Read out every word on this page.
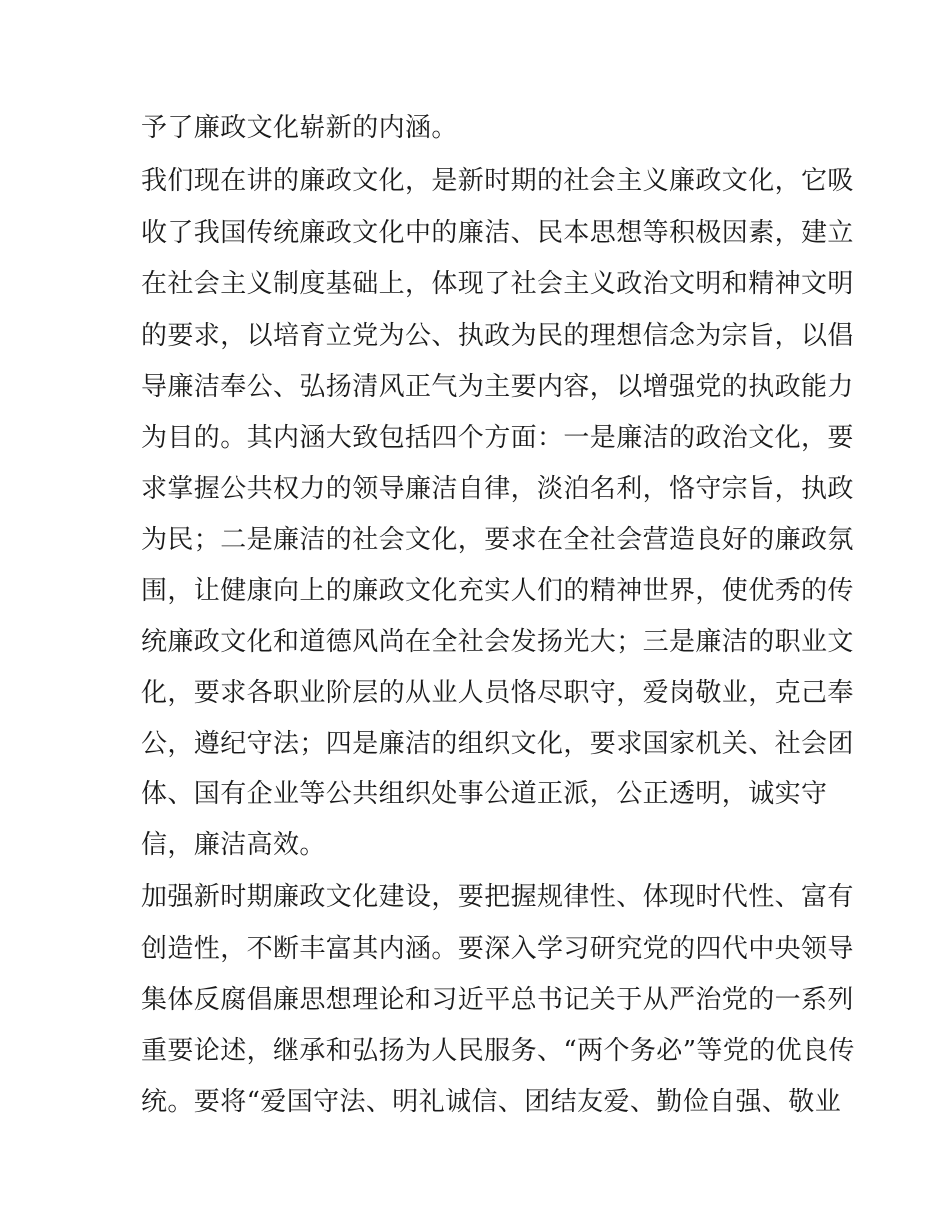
予了廉政文化崭新的内涵。
我们现在讲的廉政文化，是新时期的社会主义廉政文化，它吸
收了我国传统廉政文化中的廉洁、民本思想等积极因素，建立
在社会主义制度基础上，体现了社会主义政治文明和精神文明
的要求，以培育立党为公、执政为民的理想信念为宗旨，以倡
导廉洁奉公、弘扬清风正气为主要内容，以增强党的执政能力
为目的。其内涵大致包括四个方面：一是廉洁的政治文化，要
求掌握公共权力的领导廉洁自律，淡泊名利，恪守宗旨，执政
为民；二是廉洁的社会文化，要求在全社会营造良好的廉政氛
围，让健康向上的廉政文化充实人们的精神世界，使优秀的传
统廉政文化和道德风尚在全社会发扬光大；三是廉洁的职业文
化，要求各职业阶层的从业人员恪尽职守，爱岗敬业，克己奉
公，遵纪守法；四是廉洁的组织文化，要求国家机关、社会团
体、国有企业等公共组织处事公道正派，公正透明，诚实守
信，廉洁高效。
加强新时期廉政文化建设，要把握规律性、体现时代性、富有
创造性，不断丰富其内涵。要深入学习研究党的四代中央领导
集体反腐倡廉思想理论和习近平总书记关于从严治党的一系列
重要论述，继承和弘扬为人民服务、“两个务必”等党的优良传
统。要将“爱国守法、明礼诚信、团结友爱、勤俭自强、敬业
